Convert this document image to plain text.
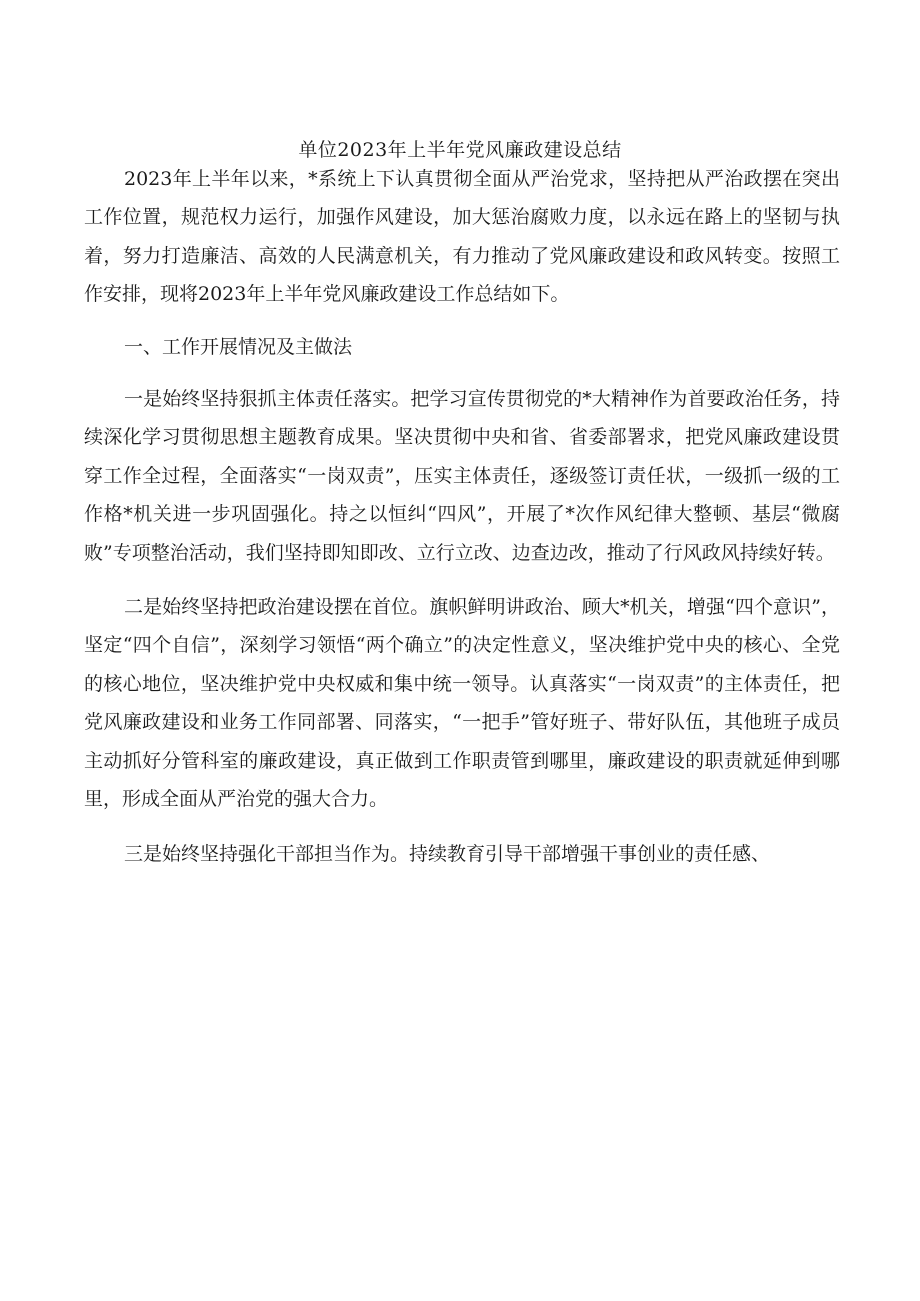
单位2023年上半年党风廉政建设总结

2023年上半年以来，*系统上下认真贯彻全面从严治党求，坚持把从严治政摆在突出工作位置，规范权力运行，加强作风建设，加大惩治腐败力度，以永远在路上的坚韧与执着，努力打造廉洁、高效的人民满意机关，有力推动了党风廉政建设和政风转变。按照工作安排，现将2023年上半年党风廉政建设工作总结如下。

一、工作开展情况及主做法

一是始终坚持狠抓主体责任落实。把学习宣传贯彻党的*大精神作为首要政治任务，持续深化学习贯彻思想主题教育成果。坚决贯彻中央和省、省委部署求，把党风廉政建设贯穿工作全过程，全面落实“一岗双责”，压实主体责任，逐级签订责任状，一级抓一级的工作格*机关进一步巩固强化。持之以恒纠“四风”，开展了*次作风纪律大整顿、基层“微腐败”专项整治活动，我们坚持即知即改、立行立改、边查边改，推动了行风政风持续好转。

二是始终坚持把政治建设摆在首位。旗帜鲜明讲政治、顾大*机关，增强“四个意识”，坚定“四个自信”，深刻学习领悟“两个确立”的决定性意义，坚决维护党中央的核心、全党的核心地位，坚决维护党中央权威和集中统一领导。认真落实“一岗双责”的主体责任，把党风廉政建设和业务工作同部署、同落实，“一把手”管好班子、带好队伍，其他班子成员主动抓好分管科室的廉政建设，真正做到工作职责管到哪里，廉政建设的职责就延伸到哪里，形成全面从严治党的强大合力。

三是始终坚持强化干部担当作为。持续教育引导干部增强干事创业的责任感、
